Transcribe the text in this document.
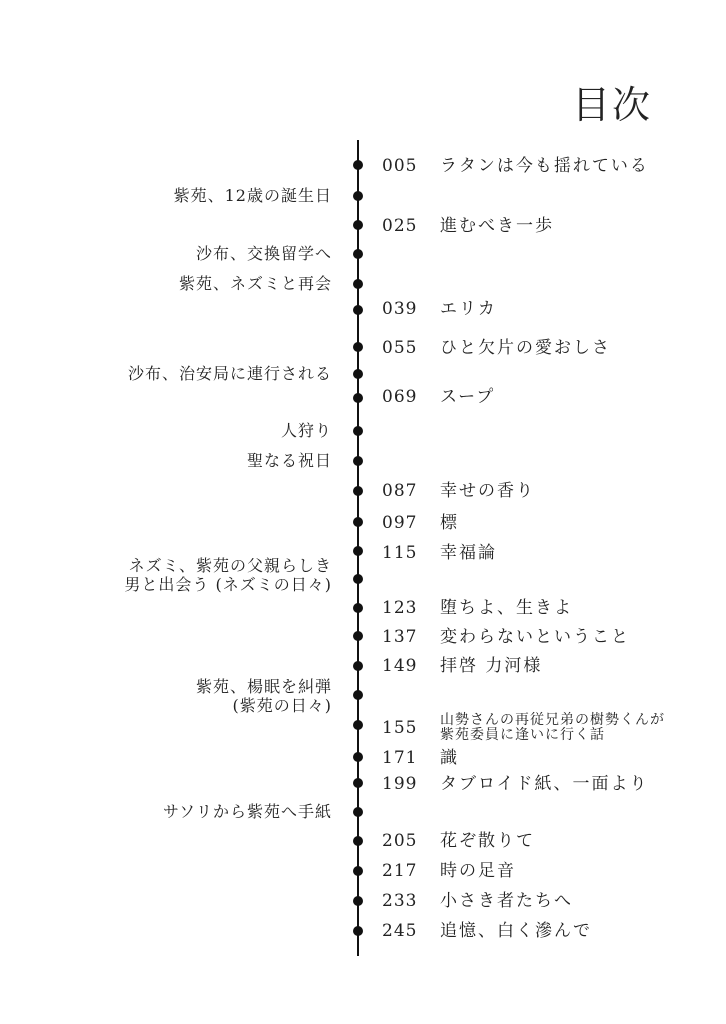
目次
005 ラタンは今も揺れている
025 進むべき一歩
039 エリカ
055 ひと欠片の愛おしさ
069 スープ
087 幸せの香り
097 標
115 幸福論
123 堕ちよ、生きよ
137 変わらないということ
149 拝啓 力河様
155 山勢さんの再従兄弟の樹勢くんが
紫苑委員に逢いに行く話
171 識
199 タブロイド紙、一面より
205 花ぞ散りて
217 時の足音
233 小さき者たちへ
245 追憶、白く滲んで
紫苑、12歳の誕生日
沙布、交換留学へ
紫苑、ネズミと再会
沙布、治安局に連行される
人狩り
聖なる祝日
ネズミ、紫苑の父親らしき
男と出会う (ネズミの日々)
紫苑、楊眠を糾弾
(紫苑の日々)
サソリから紫苑へ手紙
